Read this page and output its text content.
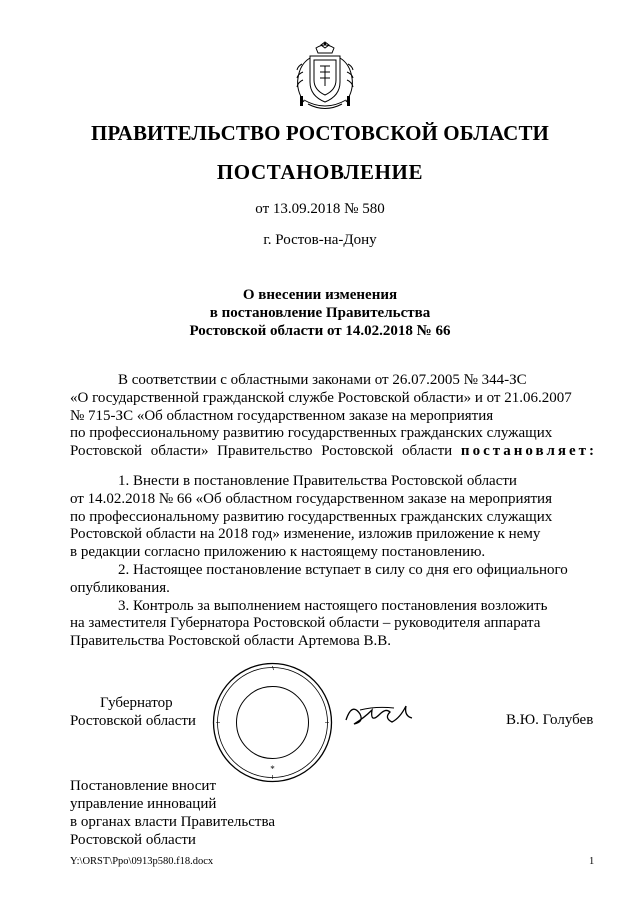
ПРАВИТЕЛЬСТВО РОСТОВСКОЙ ОБЛАСТИ
ПОСТАНОВЛЕНИЕ
от 13.09.2018 № 580
г. Ростов-на-Дону
О внесении изменения
в постановление Правительства
Ростовской области от 14.02.2018 № 66

В соответствии с областными законами от 26.07.2005 № 344-ЗС

«О государственной гражданской службе Ростовской области» и от 21.06.2007

№ 715-ЗС «Об областном государственном заказе на мероприятия

по профессиональному развитию государственных гражданских служащих

Ростовской области» Правительство Ростовской области постановляет:

1. Внести в постановление Правительства Ростовской области

от 14.02.2018 № 66 «Об областном государственном заказе на мероприятия

по профессиональному развитию государственных гражданских служащих

Ростовской области на 2018 год» изменение, изложив приложение к нему

в редакции согласно приложению к настоящему постановлению.

2. Настоящее постановление вступает в силу со дня его официального

опубликования.

3. Контроль за выполнением настоящего постановления возложить

на заместителя Губернатора Ростовской области – руководителя аппарата

Правительства Ростовской области Артемова В.В.

Губернатор
Ростовской области
*
В.Ю. Голубев
Постановление вносит
управление инноваций
в органах власти Правительства
Ростовской области
Y:\ORST\Ppo\0913p580.f18.docx	1
